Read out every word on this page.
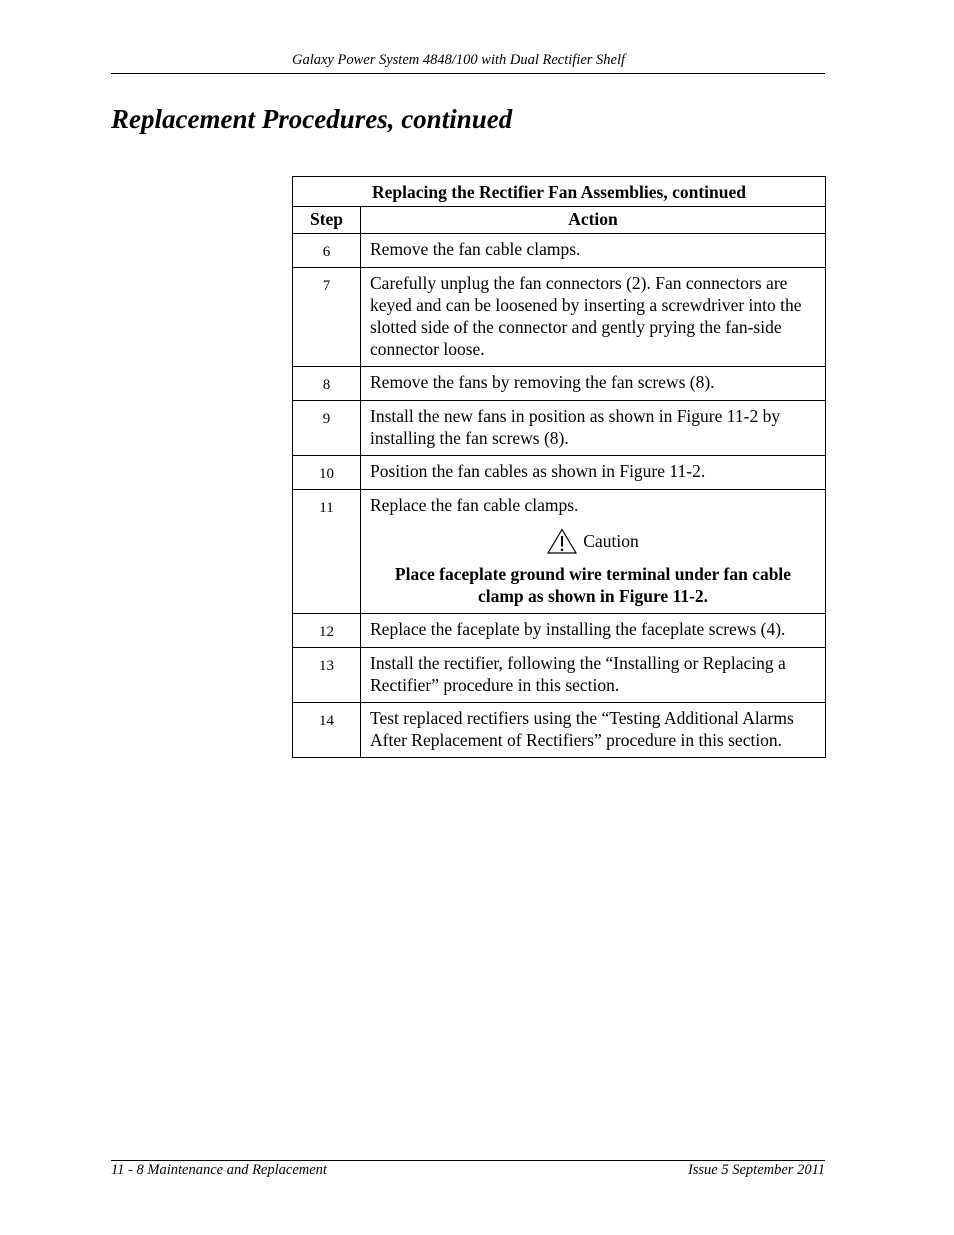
Galaxy Power System 4848/100 with Dual Rectifier Shelf
Replacement Procedures, continued
Replacing the Rectifier Fan Assemblies, continued	
Step	Action
6	Remove the fan cable clamps.
7	Carefully unplug the fan connectors (2). Fan connectors are keyed and can be loosened by inserting a screwdriver into the slotted side of the connector and gently prying the fan-side connector loose.
8	Remove the fans by removing the fan screws (8).
9	Install the new fans in position as shown in Figure 11-2 by installing the fan screws (8).
10	Position the fan cables as shown in Figure 11-2.
11	Replace the fan cable clamps.
Caution
Place faceplate ground wire terminal under fan cable clamp as shown in Figure 11-2.

12	Replace the faceplate by installing the faceplate screws (4).
13	Install the rectifier, following the “Installing or Replacing a Rectifier” procedure in this section.
14	Test replaced rectifiers using the “Testing Additional Alarms After Replacement of Rectifiers” procedure in this section.
11 - 8 Maintenance and Replacement	Issue 5 September 2011
